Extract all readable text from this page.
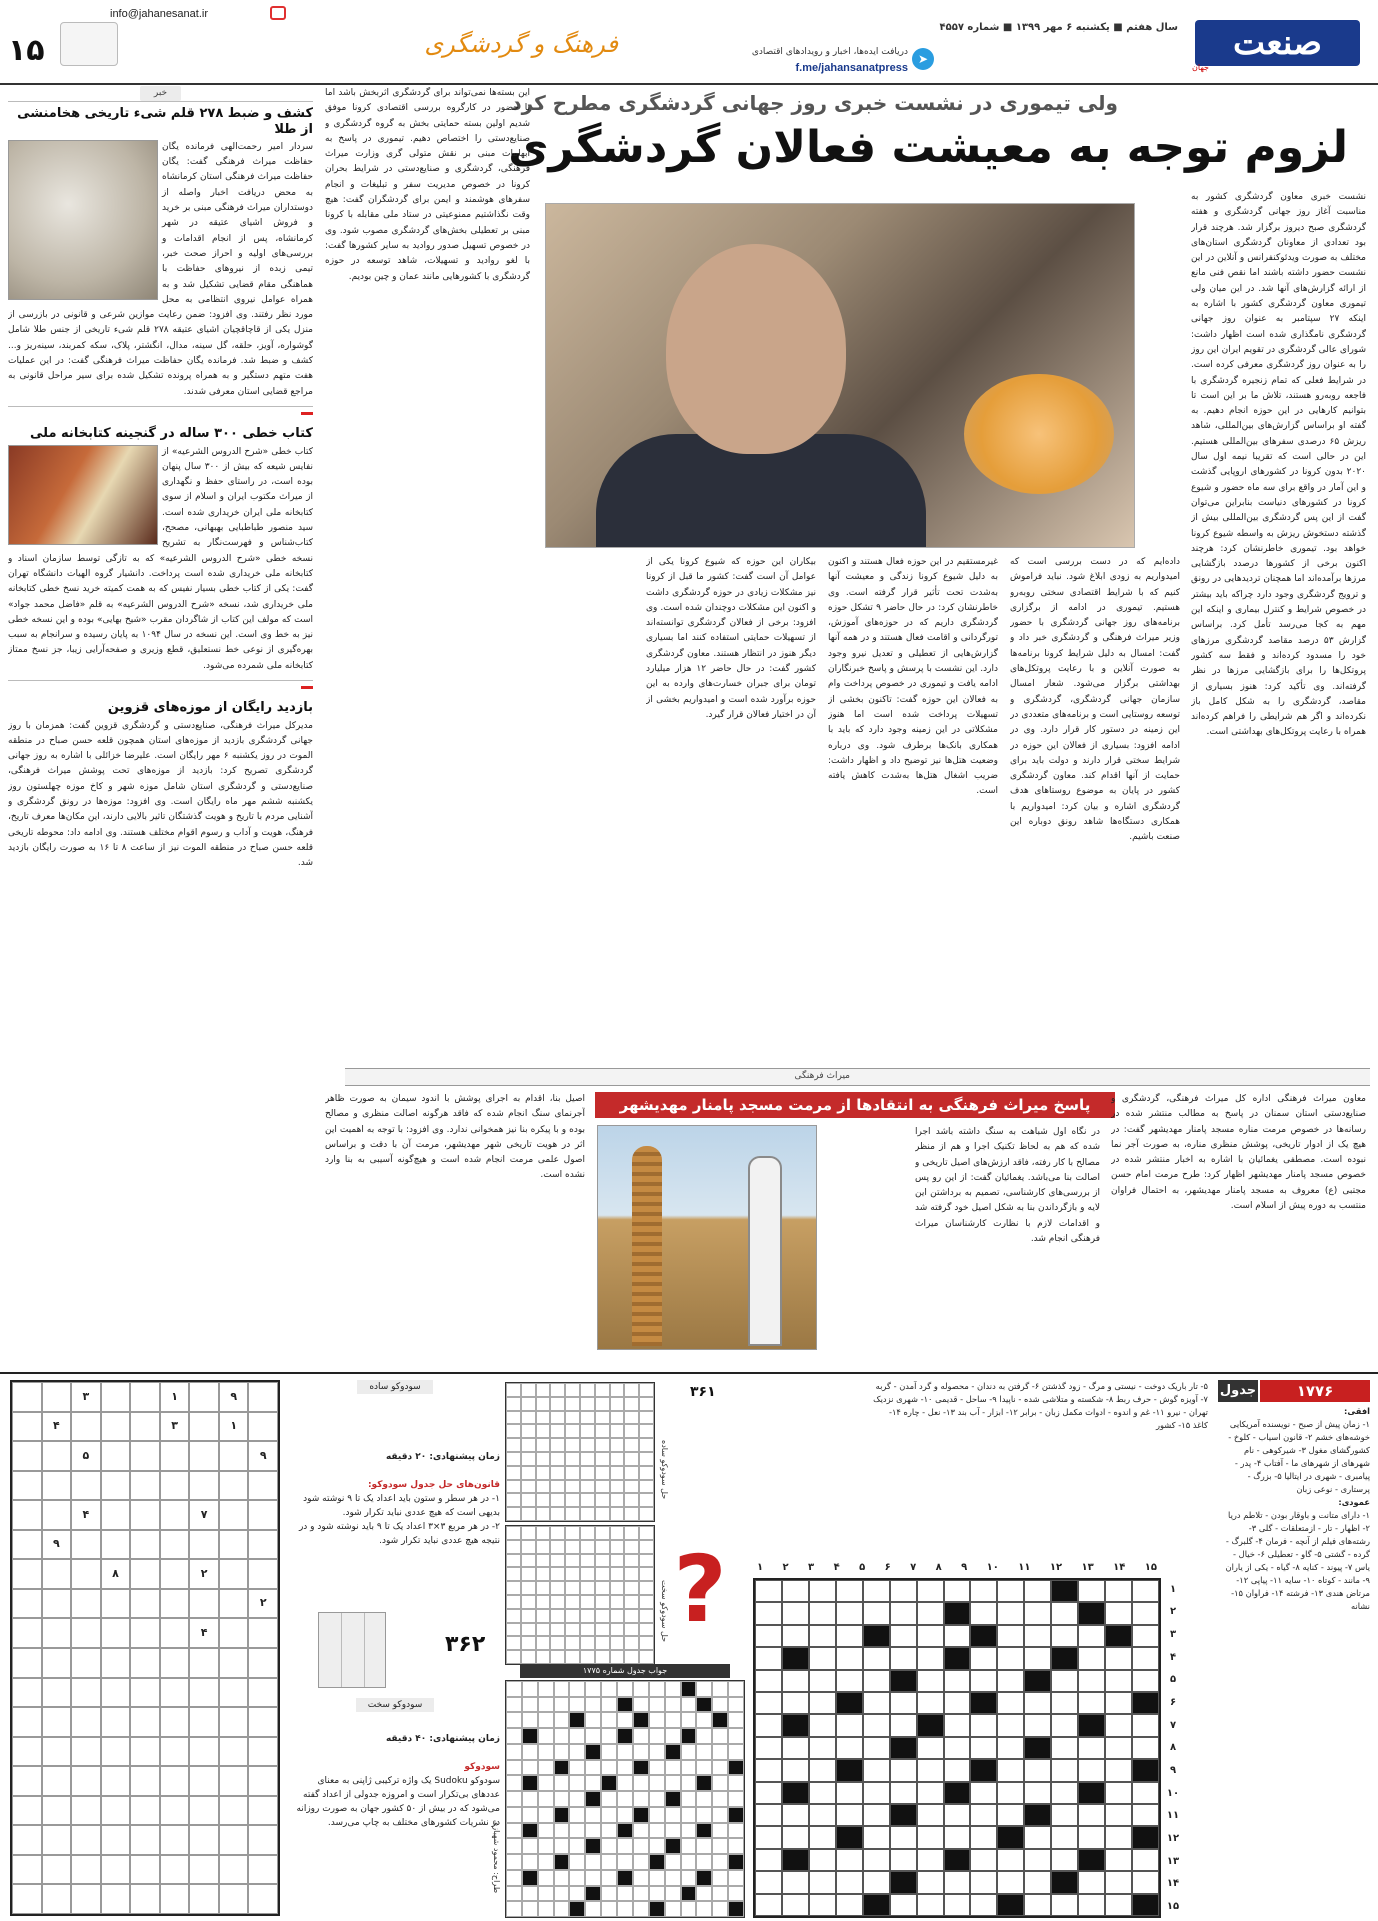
صنعت
جهان
سال هفتم ■ یکشنبه ۶ مهر ۱۳۹۹ ■ شماره ۴۵۵۷
➤
دریافت ایده‌ها، اخبار و رویدادهای اقتصادی
f.me/jahansanatpress
فرهنگ و گردشگری
info@jahanesanat.ir
۱۵
ولی تیموری در نشست خبری روز جهانی گردشگری مطرح کرد
لزوم توجه به معیشت فعالان گردشگری
نشست خبری معاون گردشگری کشور به مناسبت آغاز روز جهانی گردشگری و هفته گردشگری صبح دیروز برگزار شد. هرچند قرار بود تعدادی از معاونان گردشگری استان‌های مختلف به صورت ویدئوکنفرانس و آنلاین در این نشست حضور داشته باشند اما نقص فنی مانع از ارائه گزارش‌های آنها شد. در این میان ولی تیموری معاون گردشگری کشور با اشاره به اینکه ۲۷ سپتامبر به عنوان روز جهانی گردشگری نامگذاری شده است اظهار داشت: شورای عالی گردشگری در تقویم ایران این روز را به عنوان روز گردشگری معرفی کرده است. در شرایط فعلی که تمام زنجیره گردشگری با فاجعه روبه‌رو هستند، تلاش ما بر این است تا بتوانیم کارهایی در این حوزه انجام دهیم. به گفته او براساس گزارش‌های بین‌المللی، شاهد ریزش ۶۵ درصدی سفرهای بین‌المللی هستیم. این در حالی است که تقریبا نیمه اول سال ۲۰۲۰ بدون کرونا در کشورهای اروپایی گذشت و این آمار در واقع برای سه ماه حضور و شیوع کرونا در کشورهای دنیاست بنابراین می‌توان گفت از این پس گردشگری بین‌المللی بیش از گذشته دستخوش ریزش به واسطه شیوع کرونا خواهد بود. تیموری خاطرنشان کرد: هرچند اکنون برخی از کشورها درصدد بازگشایی مرزها برآمده‌اند اما همچنان تردیدهایی در رونق و ترویج گردشگری وجود دارد چراکه باید بیشتر در خصوص شرایط و کنترل بیماری و اینکه این مهم به کجا می‌رسد تأمل کرد. براساس گزارش ۵۳ درصد مقاصد گردشگری مرزهای خود را مسدود کرده‌اند و فقط سه کشور پروتکل‌ها را برای بازگشایی مرزها در نظر گرفته‌اند. وی تأکید کرد: هنوز بسیاری از مقاصد، گردشگری را به شکل کامل باز نکرده‌اند و اگر هم شرایطی را فراهم کرده‌اند همراه با رعایت پروتکل‌های بهداشتی است.
داده‌ایم که در دست بررسی است که امیدواریم به زودی ابلاغ شود. نباید فراموش کنیم که با شرایط اقتصادی سختی روبه‌رو هستیم. تیموری در ادامه از برگزاری برنامه‌های روز جهانی گردشگری با حضور وزیر میراث فرهنگی و گردشگری خبر داد و گفت: امسال به دلیل شرایط کرونا برنامه‌ها به صورت آنلاین و با رعایت پروتکل‌های بهداشتی برگزار می‌شود. شعار امسال سازمان جهانی گردشگری، گردشگری و توسعه روستایی است و برنامه‌های متعددی در این زمینه در دستور کار قرار دارد. وی در ادامه افزود: بسیاری از فعالان این حوزه در شرایط سختی قرار دارند و دولت باید برای حمایت از آنها اقدام کند. معاون گردشگری کشور در پایان به موضوع روستاهای هدف گردشگری اشاره و بیان کرد: امیدواریم با همکاری دستگاه‌ها شاهد رونق دوباره این صنعت باشیم.
غیرمستقیم در این حوزه فعال هستند و اکنون به دلیل شیوع کرونا زندگی و معیشت آنها به‌شدت تحت تأثیر قرار گرفته است. وی خاطرنشان کرد: در حال حاضر ۹ تشکل حوزه گردشگری داریم که در حوزه‌های آموزش، تورگردانی و اقامت فعال هستند و در همه آنها گزارش‌هایی از تعطیلی و تعدیل نیرو وجود دارد. این نشست با پرسش و پاسخ خبرنگاران ادامه یافت و تیموری در خصوص پرداخت وام به فعالان این حوزه گفت: تاکنون بخشی از تسهیلات پرداخت شده است اما هنوز مشکلاتی در این زمینه وجود دارد که باید با همکاری بانک‌ها برطرف شود. وی درباره وضعیت هتل‌ها نیز توضیح داد و اظهار داشت: ضریب اشغال هتل‌ها به‌شدت کاهش یافته است.
بیکاران این حوزه که شیوع کرونا یکی از عوامل آن است گفت: کشور ما قبل از کرونا نیز مشکلات زیادی در حوزه گردشگری داشت و اکنون این مشکلات دوچندان شده است. وی افزود: برخی از فعالان گردشگری توانسته‌اند از تسهیلات حمایتی استفاده کنند اما بسیاری دیگر هنوز در انتظار هستند. معاون گردشگری کشور گفت: در حال حاضر ۱۲ هزار میلیارد تومان برای جبران خسارت‌های وارده به این حوزه برآورد شده است و امیدواریم بخشی از آن در اختیار فعالان قرار گیرد.
این بسته‌ها نمی‌تواند برای گردشگری اثربخش باشد اما با حضور در کارگروه بررسی اقتصادی کرونا موفق شدیم اولین بسته حمایتی بخش به گروه گردشگری و صنایع‌دستی را اختصاص دهیم. تیموری در پاسخ به ابهامات مبنی بر نقش متولی گری وزارت میراث فرهنگی، گردشگری و صنایع‌دستی در شرایط بحران کرونا در خصوص مدیریت سفر و تبلیغات و انجام سفرهای هوشمند و ایمن برای گردشگران گفت: هیچ وقت نگذاشتیم ممنوعیتی در ستاد ملی مقابله با کرونا مبنی بر تعطیلی بخش‌های گردشگری مصوب شود. وی در خصوص تسهیل صدور روادید به سایر کشورها گفت: با لغو روادید و تسهیلات، شاهد توسعه در حوزه گردشگری با کشورهایی مانند عمان و چین بودیم.
خبر
کشف و ضبط ۲۷۸ قلم شیء تاریخی هخامنشی از طلا

سردار امیر رحمت‌الهی فرمانده یگان حفاظت میراث فرهنگی گفت: یگان حفاظت میراث فرهنگی استان کرمانشاه به محض دریافت اخبار واصله از دوستداران میراث فرهنگی مبنی بر خرید و فروش اشیای عتیقه در شهر کرمانشاه، پس از انجام اقدامات و بررسی‌های اولیه و احراز صحت خبر، تیمی زبده از نیروهای حفاظت با هماهنگی مقام قضایی تشکیل شد و به همراه عوامل نیروی انتظامی به محل مورد نظر رفتند. وی افزود: ضمن رعایت موازین شرعی و قانونی در بازرسی از منزل یکی از قاچاقچیان اشیای عتیقه ۲۷۸ قلم شیء تاریخی از جنس طلا شامل گوشواره، آویز، حلقه، گل سینه، مدال، انگشتر، پلاک، سکه کمربند، سینه‌ریز و... کشف و ضبط شد. فرمانده یگان حفاظت میراث فرهنگی گفت: در این عملیات هفت متهم دستگیر و به همراه پرونده تشکیل شده برای سیر مراحل قانونی به مراجع قضایی استان معرفی شدند.

کتاب خطی ۳۰۰ ساله در گنجینه کتابخانه ملی

کتاب خطی «شرح الدروس الشرعیه» از نفایس شیعه که بیش از ۳۰۰ سال پنهان بوده است، در راستای حفظ و نگهداری از میراث مکتوب ایران و اسلام از سوی کتابخانه ملی ایران خریداری شده است. سید منصور طباطبایی بهبهانی، مصحح، کتاب‌شناس و فهرست‌نگار به تشریح نسخه خطی «شرح الدروس الشرعیه» که به تازگی توسط سازمان اسناد و کتابخانه ملی خریداری شده است پرداخت. دانشیار گروه الهیات دانشگاه تهران گفت: یکی از کتاب خطی بسیار نفیس که به همت کمیته خرید نسخ خطی کتابخانه ملی خریداری شد، نسخه «شرح الدروس الشرعیه» به قلم «فاضل محمد جواد» است که مولف این کتاب از شاگردان مقرب «شیخ بهایی» بوده و این نسخه خطی نیز به خط وی است. این نسخه در سال ۱۰۹۴ به پایان رسیده و سرانجام به سبب بهره‌گیری از نوعی خط نستعلیق، قطع وزیری و صفحه‌آرایی زیبا، جز نسخ ممتاز کتابخانه ملی شمرده می‌شود.

بازدید رایگان از موزه‌های قزوین

مدیرکل میراث فرهنگی، صنایع‌دستی و گردشگری قزوین گفت: همزمان با روز جهانی گردشگری بازدید از موزه‌های استان همچون قلعه حسن صباح در منطقه الموت در روز یکشنبه ۶ مهر رایگان است. علیرضا خزائلی با اشاره به روز جهانی گردشگری تصریح کرد: بازدید از موزه‌های تحت پوشش میراث فرهنگی، صنایع‌دستی و گردشگری استان شامل موزه شهر و کاخ موزه چهلستون روز یکشنبه ششم مهر ماه رایگان است. وی افزود: موزه‌ها در رونق گردشگری و آشنایی مردم با تاریخ و هویت گذشتگان تاثیر بالایی دارند، این مکان‌ها معرف تاریخ، فرهنگ، هویت و آداب و رسوم اقوام مختلف هستند. وی ادامه داد: محوطه تاریخی قلعه حسن صباح در منطقه الموت نیز از ساعت ۸ تا ۱۶ به صورت رایگان بازدید شد.

میراث فرهنگی
پاسخ میراث فرهنگی به انتقادها از مرمت مسجد پامنار مهدیشهر	معاون میراث فرهنگی اداره کل میراث فرهنگی، گردشگری و صنایع‌دستی استان سمنان در پاسخ به مطالب منتشر شده در رسانه‌ها در خصوص مرمت مناره مسجد پامنار مهدیشهر گفت: در هیچ یک از ادوار تاریخی، پوشش منظری مناره، به صورت آجر نما نبوده است. مصطفی یغمائیان با اشاره به اخبار منتشر شده در خصوص مسجد پامنار مهدیشهر اظهار کرد: طرح مرمت امام حسن مجتبی (ع) معروف به مسجد پامنار مهدیشهر، به احتمال فراوان منتسب به دوره پیش از اسلام است.
در نگاه اول شباهت به سنگ داشته باشد اجرا شده که هم به لحاظ تکنیک اجرا و هم از منظر مصالح با کار رفته، فاقد ارزش‌های اصیل تاریخی و اصالت بنا می‌باشد. یغمائیان گفت: از این رو پس از بررسی‌های کارشناسی، تصمیم به برداشتن این لایه و بازگرداندن بنا به شکل اصیل خود گرفته شد و اقدامات لازم با نظارت کارشناسان میراث فرهنگی انجام شد.
اصیل بنا، اقدام به اجرای پوشش با اندود سیمان به صورت ظاهر آجرنمای سنگ انجام شده که فاقد هرگونه اصالت منظری و مصالح بوده و با پیکره بنا نیز همخوانی ندارد. وی افزود: با توجه به اهمیت این اثر در هویت تاریخی شهر مهدیشهر، مرمت آن با دقت و براساس اصول علمی مرمت انجام شده است و هیچ‌گونه آسیبی به بنا وارد نشده است.
۱۷۷۶
جدول
افقی:

۱- زمان پیش از صبح - نویسنده آمریکایی خوشه‌های خشم ۲- قانون اسیاب - کلوخ - کشورگشای مغول ۳- شیرکوهی - نام شهرهای از شهرهای ما - آفتاب ۴- پدر - پیامبری - شهری در ایتالیا ۵- بزرگ - پرستاری - نوعی زبان

عمودی:

۱- دارای متانت و باوقار بودن - تلاطم دریا ۲- اظهار - تار - ازمتعلقات - گلی ۳- رشته‌های فیلم از آنچه - فرمان ۴- گلبرگ - گرده - گشتی ۵- گاو - تعطیلی ۶- خیال - یاس ۷- پیوند - کنایه ۸- گیاه - یکی از یاران ۹- مانند - کوتاه ۱۰- سایه ۱۱- پیاپی ۱۲- مرتاض هندی ۱۳- فرشته ۱۴- فراوان ۱۵- نشانه

۵- تار باریک دوخت - نیستی و مرگ - زود گذشتن ۶- گرفتن به دندان - محصوله و گرد آمدن - گربه ۷- آویزه گوش - حرف ربط ۸- شکسته و متلاشی شده - ناپیدا ۹- ساحل - قدیمی ۱۰- شهری نزدیک تهران - نیرو ۱۱- غم و اندوه - ادوات مکمل زبان - برابر ۱۲- ابزار - آب بند ۱۳- نعل - چاره ۱۴- کاغذ ۱۵- کشور
۱ ۲ ۳ ۴ ۵ ۶ ۷ ۸ ۹ ۱۰ ۱۱ ۱۲ ۱۳ ۱۴ ۱۵
۱
۲
۳
۴
۵
۶
۷
۸
۹
۱۰
۱۱
۱۲
۱۳
۱۴
۱۵
۹
۱
۳
۱
۳
۴
۹
۵
۷
۴
۹
۲
۸
۲
۴
سودوکو ساده

زمان پیشنهادی: ۲۰ دقیقه

قانون‌های حل جدول سودوکو:

۱- در هر سطر و ستون باید اعداد یک تا ۹ نوشته شود بدیهی است که هیچ عددی نباید تکرار شود.

۲- در هر مربع ۳×۳ اعداد یک تا ۹ باید نوشته شود و در نتیجه هیچ عددی نباید تکرار شود.

سودوکو سخت

زمان پیشنهادی: ۴۰ دقیقه

سودوکو

سودوکو Sudoku یک واژه ترکیبی ژاپنی به معنای عددهای بی‌تکرار است و امروزه جدولی از اعداد گفته می‌شود که در بیش از ۵۰ کشور جهان به صورت روزانه در نشریات کشورهای مختلف به چاپ می‌رسد.

۳۶۲
۳۶۱
?
حل سودوکو ساده
حل سودوکو سخت
جواب جدول شماره ۱۷۷۵
طراح: محمود شهبازی
